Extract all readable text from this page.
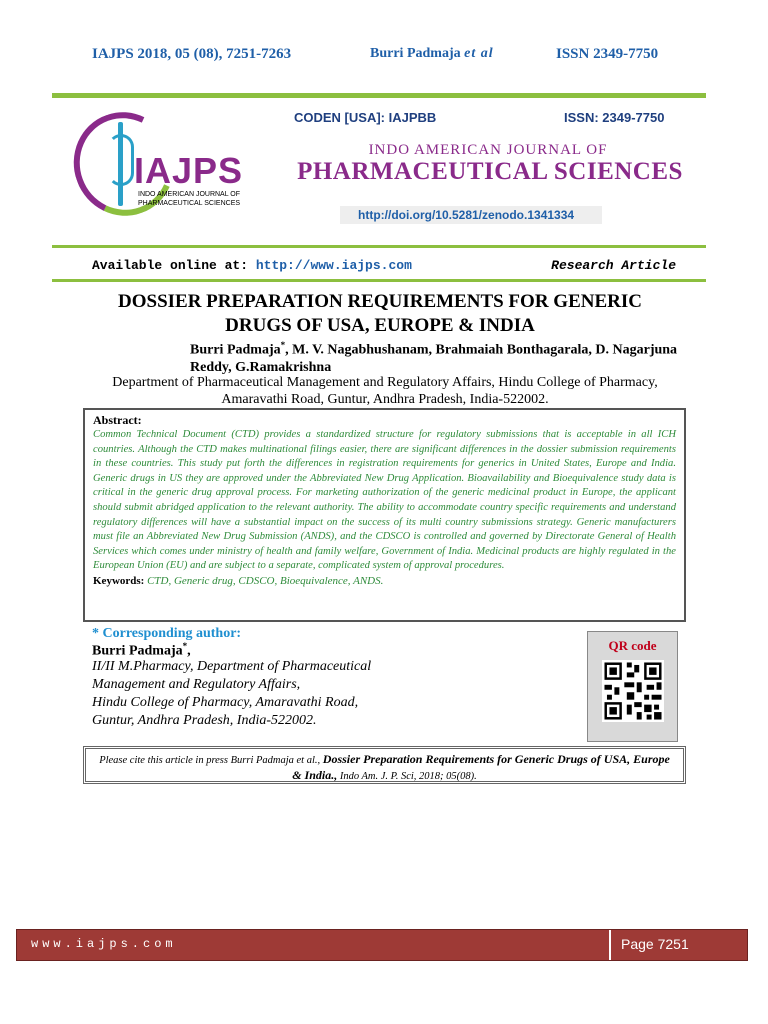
IAJPS 2018, 05 (08), 7251-7263	Burri Padmaja et al	ISSN 2349-7750
IAJPS
INDO AMERICAN JOURNAL OF PHARMACEUTICAL SCIENCES
CODEN [USA]: IAJPBB	ISSN: 2349-7750
INDO AMERICAN JOURNAL OF
PHARMACEUTICAL SCIENCES
http://doi.org/10.5281/zenodo.1341334
Available online at: http://www.iajps.com	Research Article
DOSSIER PREPARATION REQUIREMENTS FOR GENERIC
DRUGS OF USA, EUROPE & INDIA
Burri Padmaja*, M. V. Nagabhushanam, Brahmaiah Bonthagarala, D. Nagarjuna Reddy, G.Ramakrishna
Department of Pharmaceutical Management and Regulatory Affairs, Hindu College of Pharmacy, Amaravathi Road, Guntur, Andhra Pradesh, India-522002.
Abstract:
Common Technical Document (CTD) provides a standardized structure for regulatory submissions that is acceptable in all ICH countries. Although the CTD makes multinational filings easier, there are significant differences in the dossier submission requirements in these countries. This study put forth the differences in registration requirements for generics in United States, Europe and India. Generic drugs in US they are approved under the Abbreviated New Drug Application. Bioavailability and Bioequivalence study data is critical in the generic drug approval process. For marketing authorization of the generic medicinal product in Europe, the applicant should submit abridged application to the relevant authority. The ability to accommodate country specific requirements and understand regulatory differences will have a substantial impact on the success of its multi country submissions strategy. Generic manufacturers must file an Abbreviated New Drug Submission (ANDS), and the CDSCO is controlled and governed by Directorate General of Health Services which comes under ministry of health and family welfare, Government of India. Medicinal products are highly regulated in the European Union (EU) and are subject to a separate, complicated system of approval procedures.
Keywords: CTD, Generic drug, CDSCO, Bioequivalence, ANDS.
* Corresponding author:
Burri Padmaja*,
II/II M.Pharmacy, Department of Pharmaceutical
Management and Regulatory Affairs,
Hindu College of Pharmacy, Amaravathi Road,
Guntur, Andhra Pradesh, India-522002.
QR code
Please cite this article in press Burri Padmaja et al., Dossier Preparation Requirements for Generic Drugs of USA, Europe & India., Indo Am. J. P. Sci, 2018; 05(08).
www.iajps.com	Page 7251
